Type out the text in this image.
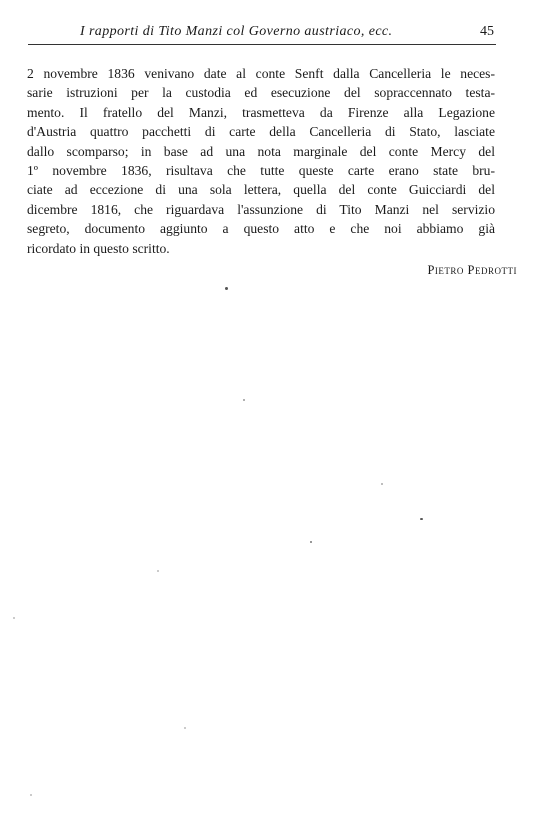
I rapporti di Tito Manzi col Governo austriaco, ecc.	45
2 novembre 1836 venivano date al conte Senft dalla Cancelleria le neces-
sarie istruzioni per la custodia ed esecuzione del sopraccennato testa-
mento. Il fratello del Manzi, trasmetteva da Firenze alla Legazione
d'Austria quattro pacchetti di carte della Cancelleria di Stato, lasciate
dallo scomparso; in base ad una nota marginale del conte Mercy del
1º novembre 1836, risultava che tutte queste carte erano state bru-
ciate ad eccezione di una sola lettera, quella del conte Guicciardi del
dicembre 1816, che riguardava l'assunzione di Tito Manzi nel servizio
segreto, documento aggiunto a questo atto e che noi abbiamo già
ricordato in questo scritto.
Pietro Pedrotti
